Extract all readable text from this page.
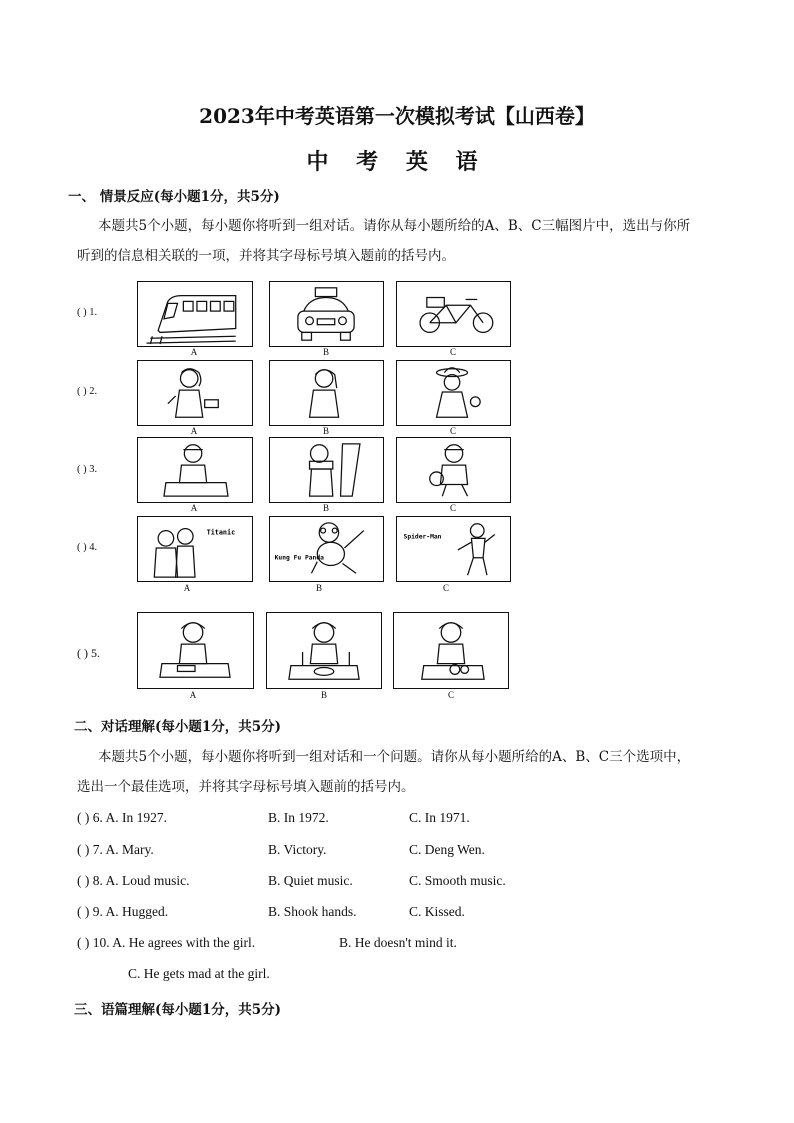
2023年中考英语第一次模拟考试【山西卷】
中 考 英 语
一、 情景反应(每小题1分，共5分)
本题共5个小题，每小题你将听到一组对话。请你从每小题所给的A、B、C三幅图片中，选出与你所
听到的信息相关联的一项，并将其字母标号填入题前的括号内。
( ) 1.
A	B	C
( ) 2.
A	B	C
( ) 3.
A	B	C
( ) 4.
Titanic
A
Kung Fu Panda
B
Spider-Man
C
( ) 5.
A	B	C
二、对话理解(每小题1分，共5分)
本题共5个小题，每小题你将听到一组对话和一个问题。请你从每小题所给的A、B、C三个选项中，
选出一个最佳选项，并将其字母标号填入题前的括号内。
( ) 6. A. In 1927.	B. In 1972.	C. In 1971.
( ) 7. A. Mary.	B. Victory.	C. Deng Wen.
( ) 8. A. Loud music.	B. Quiet music.	C. Smooth music.
( ) 9. A. Hugged.	B. Shook hands.	C. Kissed.
( ) 10. A. He agrees with the girl.	B. He doesn't mind it.
C. He gets mad at the girl.
三、语篇理解(每小题1分，共5分)
